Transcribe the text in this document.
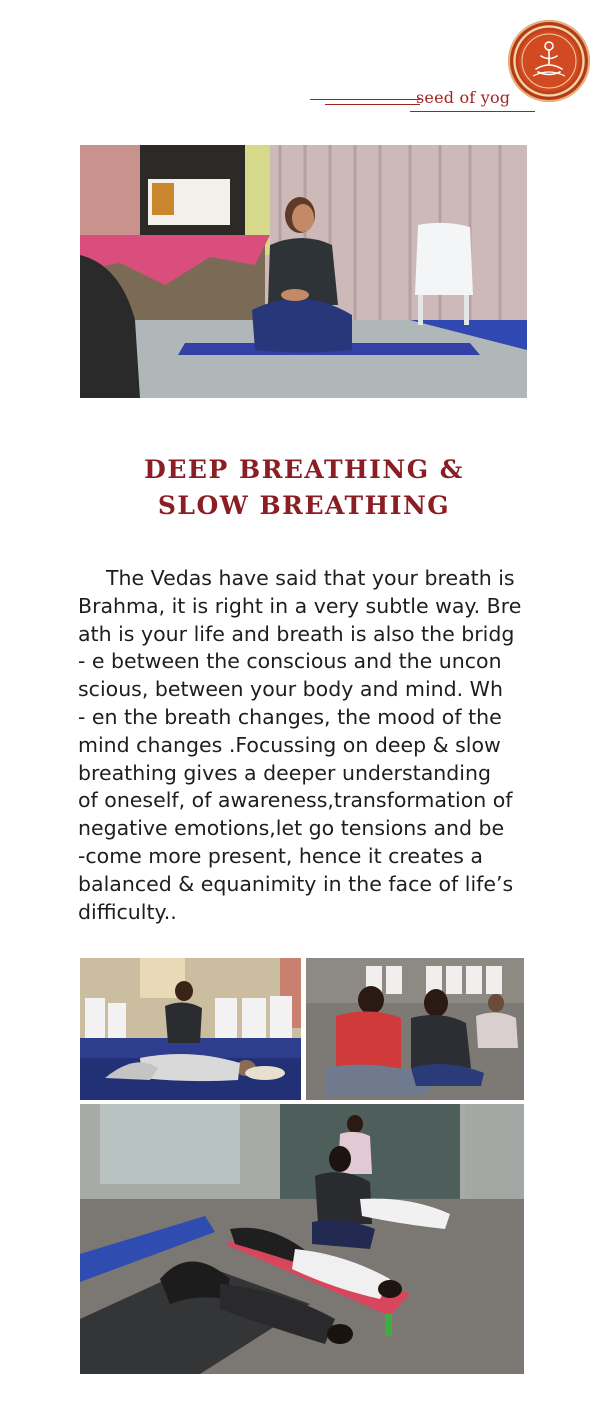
seed of yog
DEEP BREATHING &
SLOW BREATHING
The Vedas have said that your breath is
Brahma, it is right in a very subtle way. Bre
ath is your life and breath is also the bridg
- e between the conscious and the uncon
scious, between your body and mind. Wh
- en the breath changes, the mood of the
mind changes .Focussing on deep & slow
breathing gives a deeper understanding
of oneself, of awareness,transformation of
negative emotions,let go tensions and be
-come more present, hence it creates a
balanced & equanimity in the face of life’s
difficulty..
